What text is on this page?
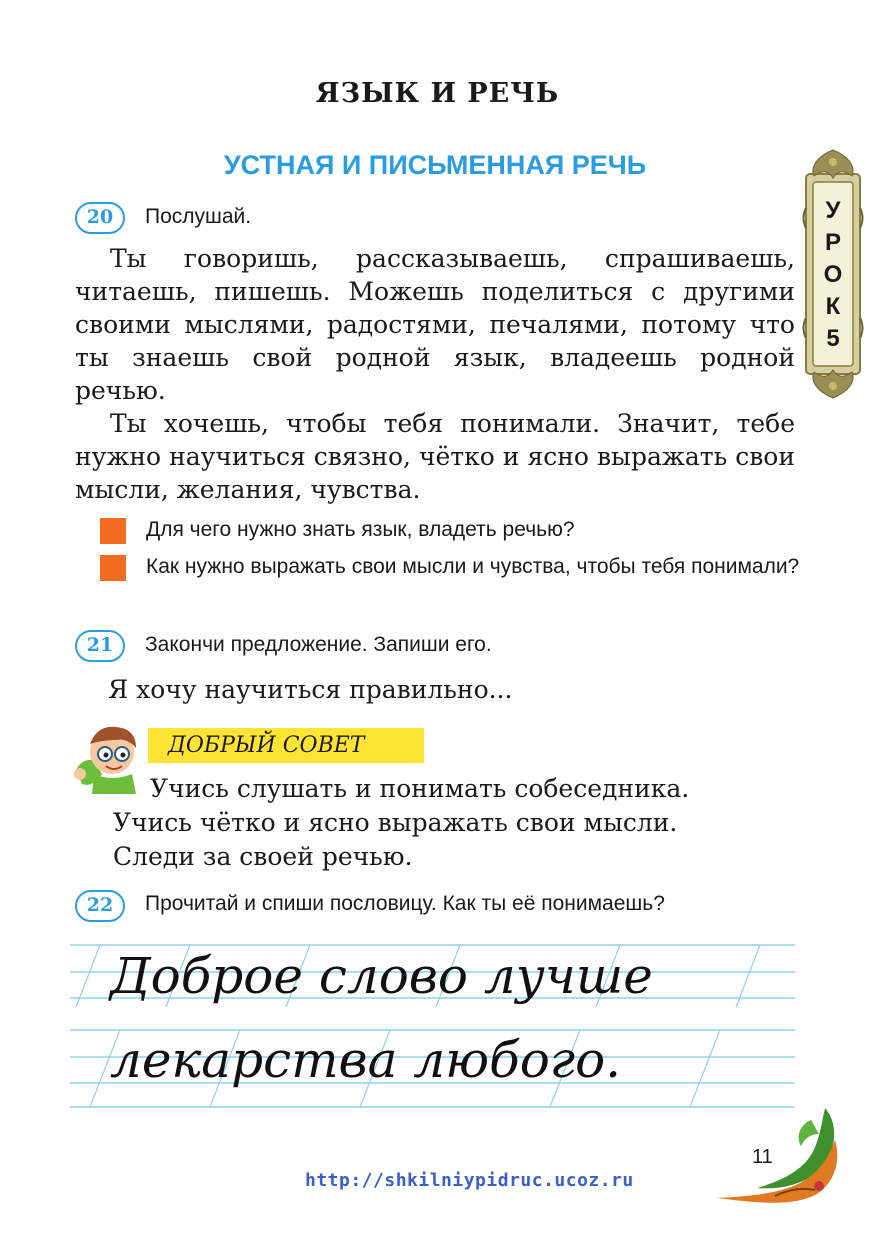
ЯЗЫК И РЕЧЬ
УСТНАЯ И ПИСЬМЕННАЯ РЕЧЬ
У
Р
О
К
5
20	Послушай.

Ты говоришь, рассказываешь, спрашиваешь, читаешь, пишешь. Можешь поделиться с другими своими мыслями, радостями, печалями, потому что ты знаешь свой родной язык, владеешь родной речью.

Ты хочешь, чтобы тебя понимали. Значит, тебе нужно научиться связно, чётко и ясно выражать свои мысли, желания, чувства.

Для чего нужно знать язык, владеть речью?
Как нужно выражать свои мысли и чувства, чтобы тебя понимали?
21	Закончи предложение. Запиши его.
Я хочу научиться правильно...
ДОБРЫЙ СОВЕТ
Учись слушать и понимать собеседника.
Учись чётко и ясно выражать свои мысли.
Следи за своей речью.
22	Прочитай и спиши пословицу. Как ты её понимаешь?
Доброе слово лучше
лекарства любого.
11
http://shkilniypidruc.ucoz.ru
